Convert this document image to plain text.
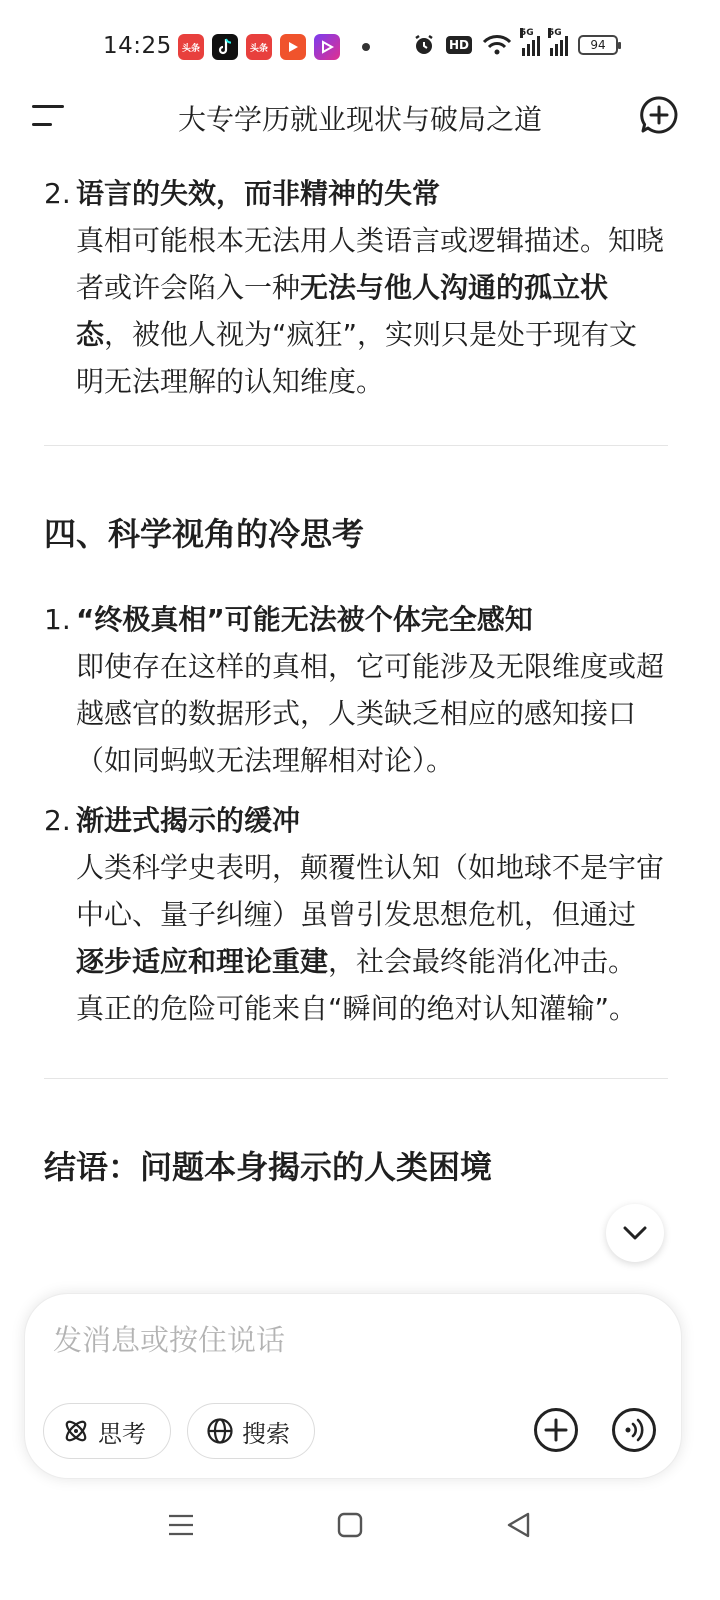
14:25	头条	头条	HD
5G 5G
94
大专学历就业现状与破局之道
2. 语言的失效，而非精神的失常
真相可能根本无法用人类语言或逻辑描述。知晓者或许会陷入一种无法与他人沟通的孤立状态，被他人视为“疯狂”，实则只是处于现有文明无法理解的认知维度。
四、科学视角的冷思考
1. “终极真相”可能无法被个体完全感知
即使存在这样的真相，它可能涉及无限维度或超越感官的数据形式，人类缺乏相应的感知接口（如同蚂蚁无法理解相对论）。
2. 渐进式揭示的缓冲
人类科学史表明，颠覆性认知（如地球不是宇宙中心、量子纠缠）虽曾引发思想危机，但通过逐步适应和理论重建，社会最终能消化冲击。真正的危险可能来自“瞬间的绝对认知灌输”。
结语：问题本身揭示的人类困境
发消息或按住说话
思考	搜索
